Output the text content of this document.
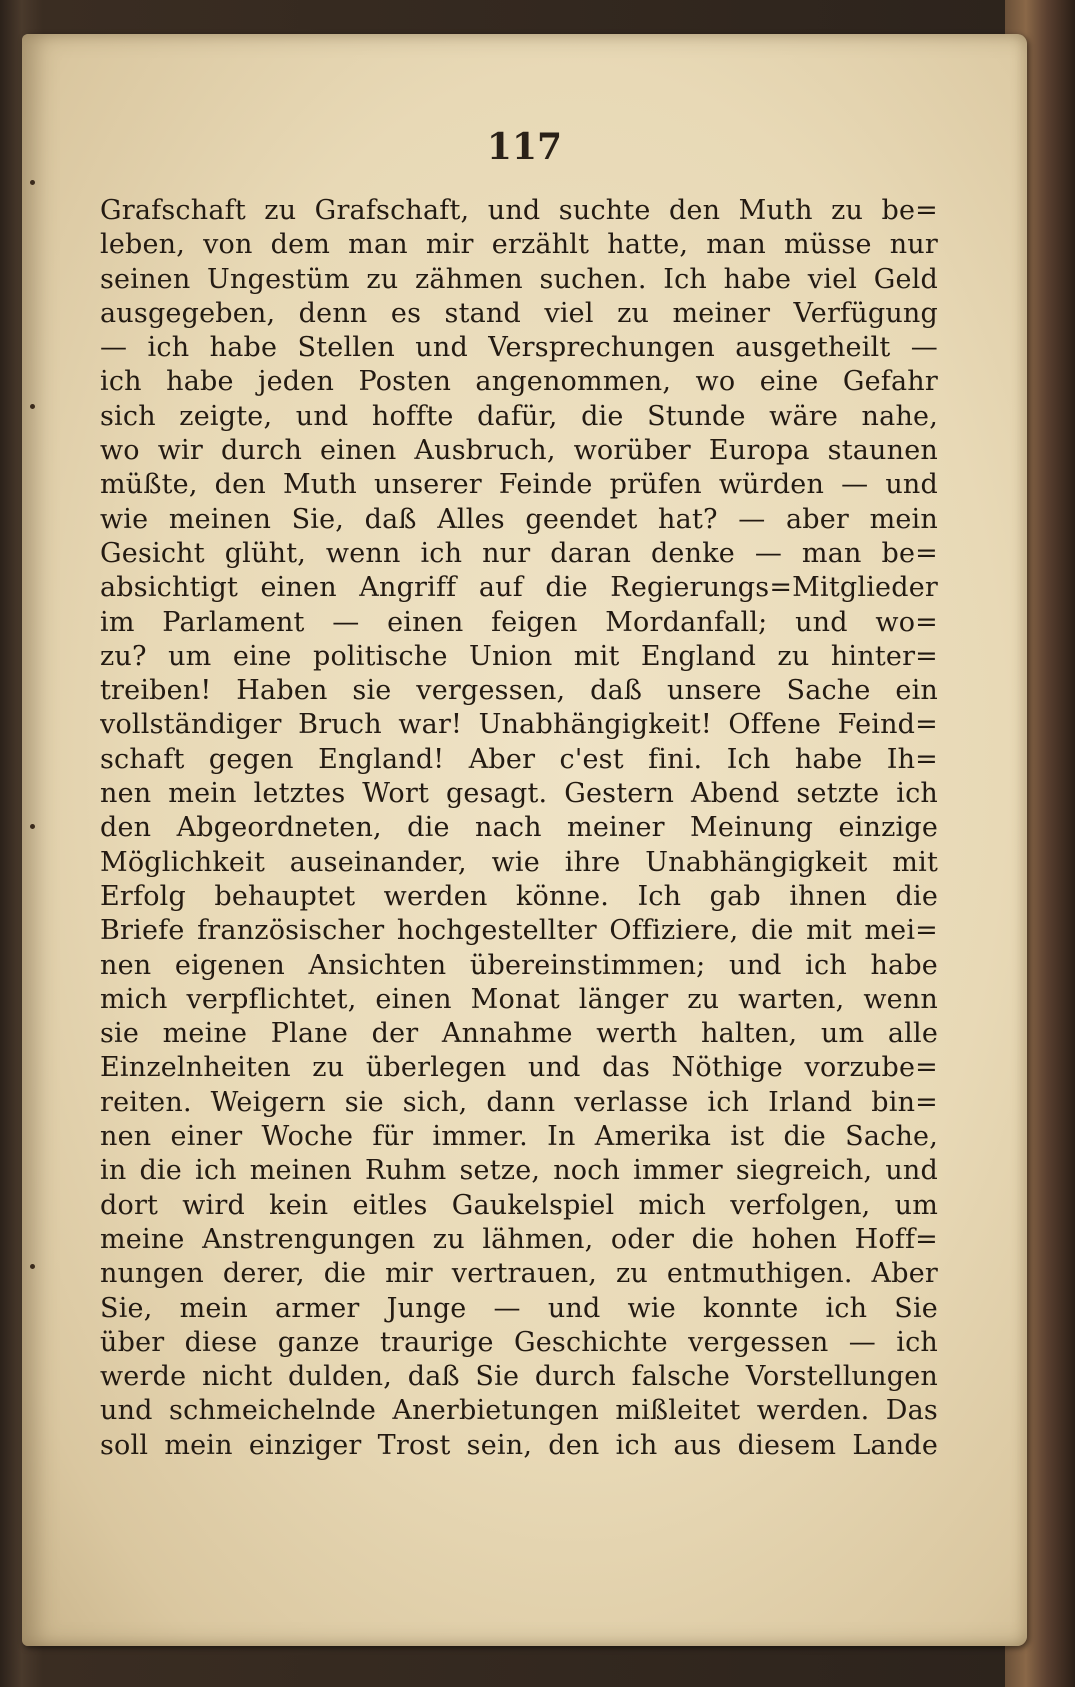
117
Grafschaft zu Grafschaft, und suchte den Muth zu be=
leben, von dem man mir erzählt hatte, man müsse nur
seinen Ungestüm zu zähmen suchen. Ich habe viel Geld
ausgegeben, denn es stand viel zu meiner Verfügung
— ich habe Stellen und Versprechungen ausgetheilt —
ich habe jeden Posten angenommen, wo eine Gefahr
sich zeigte, und hoffte dafür, die Stunde wäre nahe,
wo wir durch einen Ausbruch, worüber Europa staunen
müßte, den Muth unserer Feinde prüfen würden — und
wie meinen Sie, daß Alles geendet hat? — aber mein
Gesicht glüht, wenn ich nur daran denke — man be=
absichtigt einen Angriff auf die Regierungs=Mitglieder
im Parlament — einen feigen Mordanfall; und wo=
zu? um eine politische Union mit England zu hinter=
treiben! Haben sie vergessen, daß unsere Sache ein
vollständiger Bruch war! Unabhängigkeit! Offene Feind=
schaft gegen England! Aber c'est fini. Ich habe Ih=
nen mein letztes Wort gesagt. Gestern Abend setzte ich
den Abgeordneten, die nach meiner Meinung einzige
Möglichkeit auseinander, wie ihre Unabhängigkeit mit
Erfolg behauptet werden könne. Ich gab ihnen die
Briefe französischer hochgestellter Offiziere, die mit mei=
nen eigenen Ansichten übereinstimmen; und ich habe
mich verpflichtet, einen Monat länger zu warten, wenn
sie meine Plane der Annahme werth halten, um alle
Einzelnheiten zu überlegen und das Nöthige vorzube=
reiten. Weigern sie sich, dann verlasse ich Irland bin=
nen einer Woche für immer. In Amerika ist die Sache,
in die ich meinen Ruhm setze, noch immer siegreich, und
dort wird kein eitles Gaukelspiel mich verfolgen, um
meine Anstrengungen zu lähmen, oder die hohen Hoff=
nungen derer, die mir vertrauen, zu entmuthigen. Aber
Sie, mein armer Junge — und wie konnte ich Sie
über diese ganze traurige Geschichte vergessen — ich
werde nicht dulden, daß Sie durch falsche Vorstellungen
und schmeichelnde Anerbietungen mißleitet werden. Das
soll mein einziger Trost sein, den ich aus diesem Lande
